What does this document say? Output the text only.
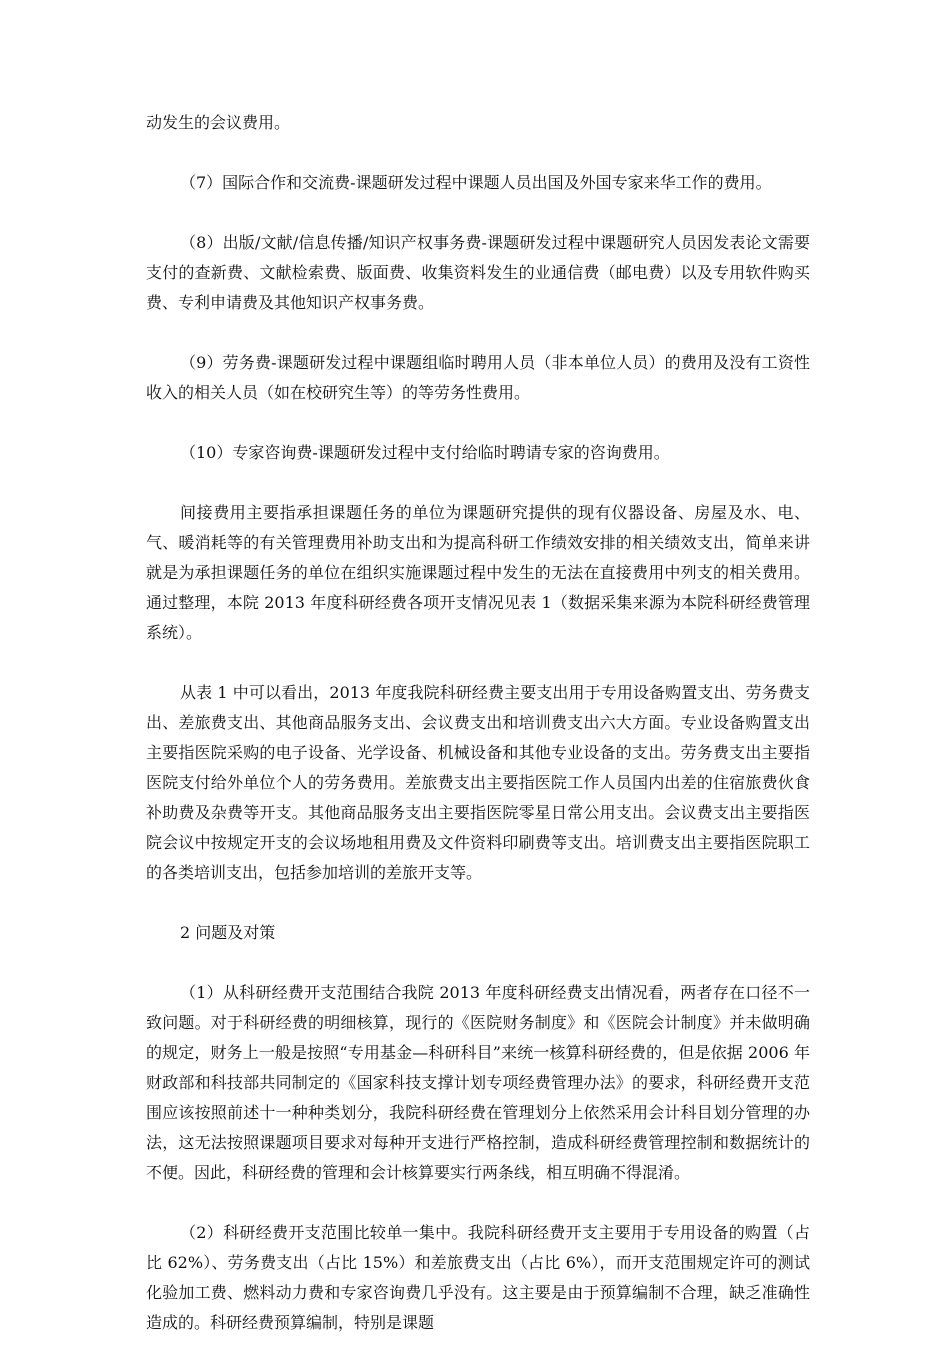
动发生的会议费用。

（7）国际合作和交流费-课题研发过程中课题人员出国及外国专家来华工作的费用。

（8）出版/文献/信息传播/知识产权事务费-课题研发过程中课题研究人员因发表论文需要支付的查新费、文献检索费、版面费、收集资料发生的业通信费（邮电费）以及专用软件购买费、专利申请费及其他知识产权事务费。

（9）劳务费-课题研发过程中课题组临时聘用人员（非本单位人员）的费用及没有工资性收入的相关人员（如在校研究生等）的等劳务性费用。

（10）专家咨询费-课题研发过程中支付给临时聘请专家的咨询费用。

间接费用主要指承担课题任务的单位为课题研究提供的现有仪器设备、房屋及水、电、气、暖消耗等的有关管理费用补助支出和为提高科研工作绩效安排的相关绩效支出，简单来讲就是为承担课题任务的单位在组织实施课题过程中发生的无法在直接费用中列支的相关费用。通过整理，本院 2013 年度科研经费各项开支情况见表 1（数据采集来源为本院科研经费管理系统）。

从表 1 中可以看出，2013 年度我院科研经费主要支出用于专用设备购置支出、劳务费支出、差旅费支出、其他商品服务支出、会议费支出和培训费支出六大方面。专业设备购置支出主要指医院采购的电子设备、光学设备、机械设备和其他专业设备的支出。劳务费支出主要指医院支付给外单位个人的劳务费用。差旅费支出主要指医院工作人员国内出差的住宿旅费伙食补助费及杂费等开支。其他商品服务支出主要指医院零星日常公用支出。会议费支出主要指医院会议中按规定开支的会议场地租用费及文件资料印刷费等支出。培训费支出主要指医院职工的各类培训支出，包括参加培训的差旅开支等。

2 问题及对策

（1）从科研经费开支范围结合我院 2013 年度科研经费支出情况看，两者存在口径不一致问题。对于科研经费的明细核算，现行的《医院财务制度》和《医院会计制度》并未做明确的规定，财务上一般是按照“专用基金—科研科目”来统一核算科研经费的，但是依据 2006 年财政部和科技部共同制定的《国家科技支撑计划专项经费管理办法》的要求，科研经费开支范围应该按照前述十一种种类划分，我院科研经费在管理划分上依然采用会计科目划分管理的办法，这无法按照课题项目要求对每种开支进行严格控制，造成科研经费管理控制和数据统计的不便。因此，科研经费的管理和会计核算要实行两条线，相互明确不得混淆。

（2）科研经费开支范围比较单一集中。我院科研经费开支主要用于专用设备的购置（占比 62%）、劳务费支出（占比 15%）和差旅费支出（占比 6%），而开支范围规定许可的测试化验加工费、燃料动力费和专家咨询费几乎没有。这主要是由于预算编制不合理，缺乏准确性造成的。科研经费预算编制，特别是课题
